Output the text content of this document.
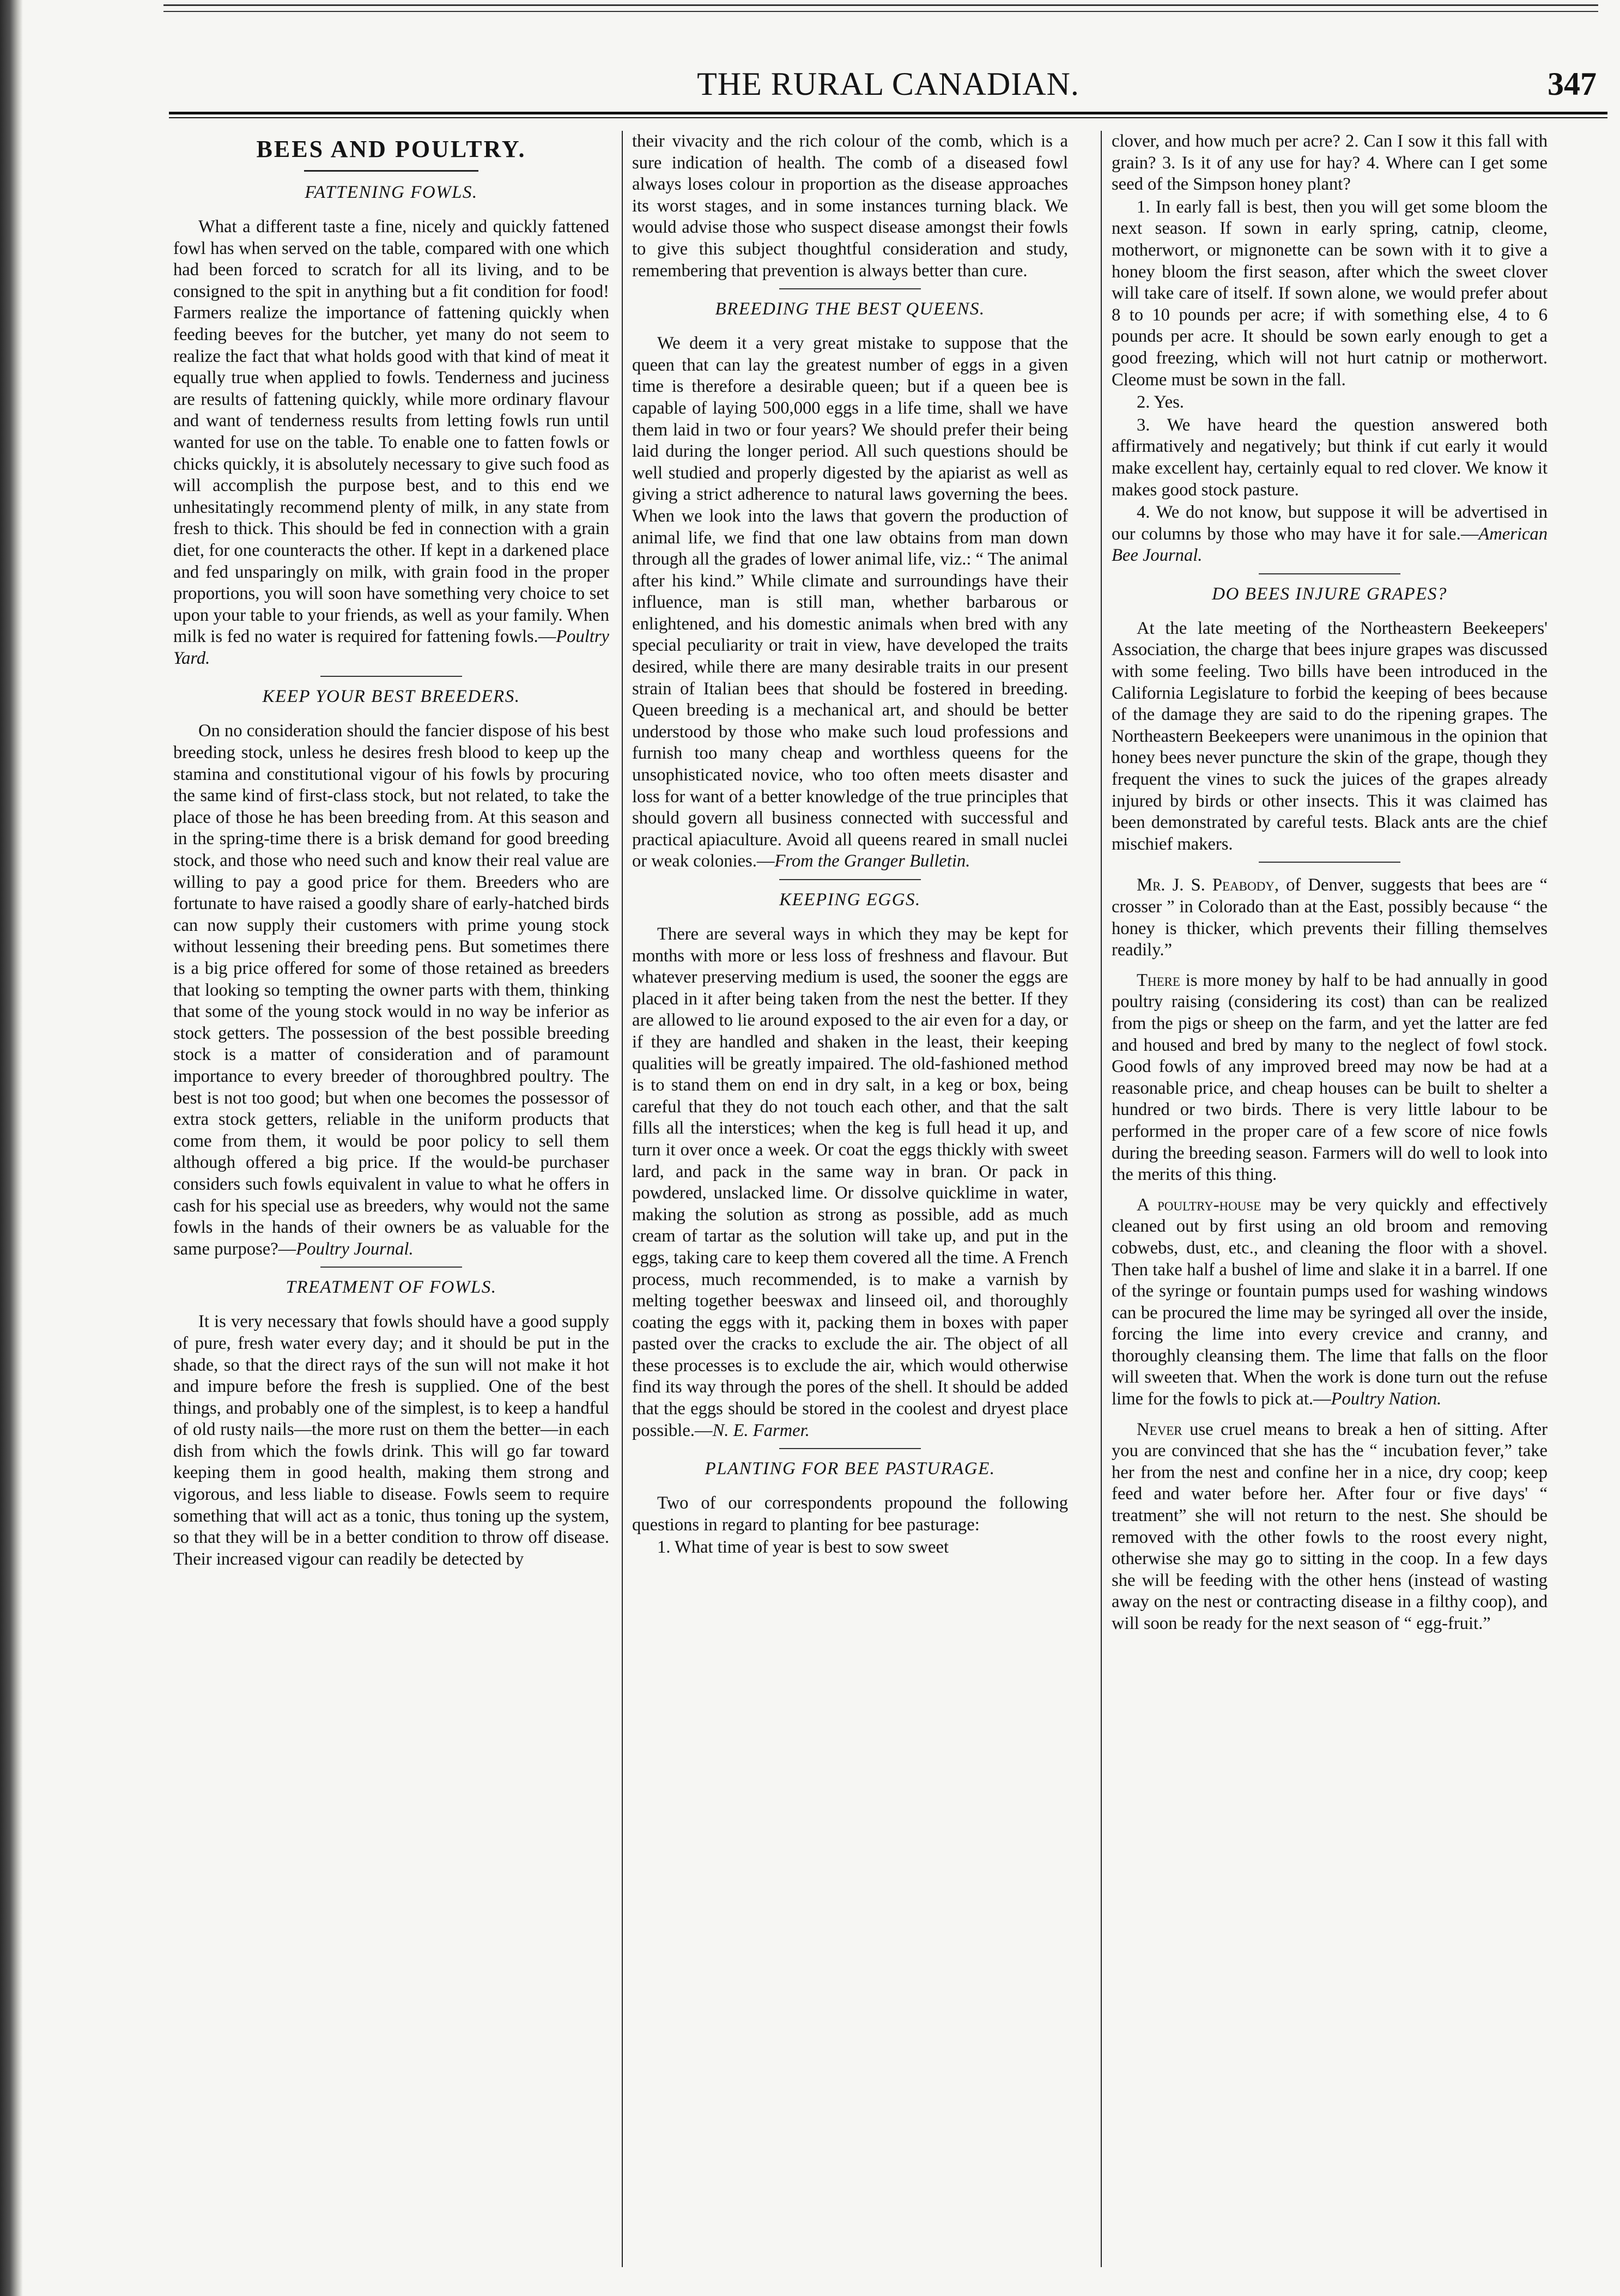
THE RURAL CANADIAN.	347
BEES AND POULTRY.
FATTENING FOWLS.

What a different taste a fine, nicely and quickly fattened fowl has when served on the table, compared with one which had been forced to scratch for all its living, and to be consigned to the spit in anything but a fit condition for food! Farmers realize the importance of fattening quickly when feeding beeves for the butcher, yet many do not seem to realize the fact that what holds good with that kind of meat it equally true when applied to fowls. Tenderness and juciness are results of fattening quickly, while more ordinary flavour and want of tenderness results from letting fowls run until wanted for use on the table. To enable one to fatten fowls or chicks quickly, it is absolutely necessary to give such food as will accomplish the purpose best, and to this end we unhesitatingly recommend plenty of milk, in any state from fresh to thick. This should be fed in connection with a grain diet, for one counteracts the other. If kept in a darkened place and fed unsparingly on milk, with grain food in the proper proportions, you will soon have something very choice to set upon your table to your friends, as well as your family. When milk is fed no water is required for fattening fowls.—Poultry Yard.

KEEP YOUR BEST BREEDERS.

On no consideration should the fancier dispose of his best breeding stock, unless he desires fresh blood to keep up the stamina and constitutional vigour of his fowls by procuring the same kind of first-class stock, but not related, to take the place of those he has been breeding from. At this season and in the spring-time there is a brisk demand for good breeding stock, and those who need such and know their real value are willing to pay a good price for them. Breeders who are fortunate to have raised a goodly share of early-hatched birds can now supply their customers with prime young stock without lessening their breeding pens. But sometimes there is a big price offered for some of those retained as breeders that looking so tempting the owner parts with them, thinking that some of the young stock would in no way be inferior as stock getters. The possession of the best possible breeding stock is a matter of consideration and of paramount importance to every breeder of thoroughbred poultry. The best is not too good; but when one becomes the possessor of extra stock getters, reliable in the uniform products that come from them, it would be poor policy to sell them although offered a big price. If the would-be purchaser considers such fowls equivalent in value to what he offers in cash for his special use as breeders, why would not the same fowls in the hands of their owners be as valuable for the same purpose?—Poultry Journal.

TREATMENT OF FOWLS.

It is very necessary that fowls should have a good supply of pure, fresh water every day; and it should be put in the shade, so that the direct rays of the sun will not make it hot and impure before the fresh is supplied. One of the best things, and probably one of the simplest, is to keep a handful of old rusty nails—the more rust on them the better—in each dish from which the fowls drink. This will go far toward keeping them in good health, making them strong and vigorous, and less liable to disease. Fowls seem to require something that will act as a tonic, thus toning up the system, so that they will be in a better condition to throw off disease. Their increased vigour can readily be detected by

their vivacity and the rich colour of the comb, which is a sure indication of health. The comb of a diseased fowl always loses colour in proportion as the disease approaches its worst stages, and in some instances turning black. We would advise those who suspect disease amongst their fowls to give this subject thoughtful consideration and study, remembering that prevention is always better than cure.

BREEDING THE BEST QUEENS.

We deem it a very great mistake to suppose that the queen that can lay the greatest number of eggs in a given time is therefore a desirable queen; but if a queen bee is capable of laying 500,000 eggs in a life time, shall we have them laid in two or four years? We should prefer their being laid during the longer period. All such questions should be well studied and properly digested by the apiarist as well as giving a strict adherence to natural laws governing the bees. When we look into the laws that govern the production of animal life, we find that one law obtains from man down through all the grades of lower animal life, viz.: “ The animal after his kind.” While climate and surroundings have their influence, man is still man, whether barbarous or enlightened, and his domestic animals when bred with any special peculiarity or trait in view, have developed the traits desired, while there are many desirable traits in our present strain of Italian bees that should be fostered in breeding. Queen breeding is a mechanical art, and should be better understood by those who make such loud professions and furnish too many cheap and worthless queens for the unsophisticated novice, who too often meets disaster and loss for want of a better knowledge of the true principles that should govern all business connected with successful and practical apiaculture. Avoid all queens reared in small nuclei or weak colonies.—From the Granger Bulletin.

KEEPING EGGS.

There are several ways in which they may be kept for months with more or less loss of freshness and flavour. But whatever preserving medium is used, the sooner the eggs are placed in it after being taken from the nest the better. If they are allowed to lie around exposed to the air even for a day, or if they are handled and shaken in the least, their keeping qualities will be greatly impaired. The old-fashioned method is to stand them on end in dry salt, in a keg or box, being careful that they do not touch each other, and that the salt fills all the interstices; when the keg is full head it up, and turn it over once a week. Or coat the eggs thickly with sweet lard, and pack in the same way in bran. Or pack in powdered, unslacked lime. Or dissolve quicklime in water, making the solution as strong as possible, add as much cream of tartar as the solution will take up, and put in the eggs, taking care to keep them covered all the time. A French process, much recommended, is to make a varnish by melting together beeswax and linseed oil, and thoroughly coating the eggs with it, packing them in boxes with paper pasted over the cracks to exclude the air. The object of all these processes is to exclude the air, which would otherwise find its way through the pores of the shell. It should be added that the eggs should be stored in the coolest and dryest place possible.—N. E. Farmer.

PLANTING FOR BEE PASTURAGE.

Two of our correspondents propound the following questions in regard to planting for bee pasturage:

1. What time of year is best to sow sweet

clover, and how much per acre? 2. Can I sow it this fall with grain? 3. Is it of any use for hay? 4. Where can I get some seed of the Simpson honey plant?

1. In early fall is best, then you will get some bloom the next season. If sown in early spring, catnip, cleome, motherwort, or mignonette can be sown with it to give a honey bloom the first season, after which the sweet clover will take care of itself. If sown alone, we would prefer about 8 to 10 pounds per acre; if with something else, 4 to 6 pounds per acre. It should be sown early enough to get a good freezing, which will not hurt catnip or motherwort. Cleome must be sown in the fall.

2. Yes.

3. We have heard the question answered both affirmatively and negatively; but think if cut early it would make excellent hay, certainly equal to red clover. We know it makes good stock pasture.

4. We do not know, but suppose it will be advertised in our columns by those who may have it for sale.—American Bee Journal.

DO BEES INJURE GRAPES?

At the late meeting of the Northeastern Beekeepers' Association, the charge that bees injure grapes was discussed with some feeling. Two bills have been introduced in the California Legislature to forbid the keeping of bees because of the damage they are said to do the ripening grapes. The Northeastern Beekeepers were unanimous in the opinion that honey bees never puncture the skin of the grape, though they frequent the vines to suck the juices of the grapes already injured by birds or other insects. This it was claimed has been demonstrated by careful tests. Black ants are the chief mischief makers.

Mr. J. S. Peabody, of Denver, suggests that bees are “ crosser ” in Colorado than at the East, possibly because “ the honey is thicker, which prevents their filling themselves readily.”

There is more money by half to be had annually in good poultry raising (considering its cost) than can be realized from the pigs or sheep on the farm, and yet the latter are fed and housed and bred by many to the neglect of fowl stock. Good fowls of any improved breed may now be had at a reasonable price, and cheap houses can be built to shelter a hundred or two birds. There is very little labour to be performed in the proper care of a few score of nice fowls during the breeding season. Farmers will do well to look into the merits of this thing.

A poultry-house may be very quickly and effectively cleaned out by first using an old broom and removing cobwebs, dust, etc., and cleaning the floor with a shovel. Then take half a bushel of lime and slake it in a barrel. If one of the syringe or fountain pumps used for washing windows can be procured the lime may be syringed all over the inside, forcing the lime into every crevice and cranny, and thoroughly cleansing them. The lime that falls on the floor will sweeten that. When the work is done turn out the refuse lime for the fowls to pick at.—Poultry Nation.

Never use cruel means to break a hen of sitting. After you are convinced that she has the “ incubation fever,” take her from the nest and confine her in a nice, dry coop; keep feed and water before her. After four or five days' “ treatment” she will not return to the nest. She should be removed with the other fowls to the roost every night, otherwise she may go to sitting in the coop. In a few days she will be feeding with the other hens (instead of wasting away on the nest or contracting disease in a filthy coop), and will soon be ready for the next season of “ egg-fruit.”
